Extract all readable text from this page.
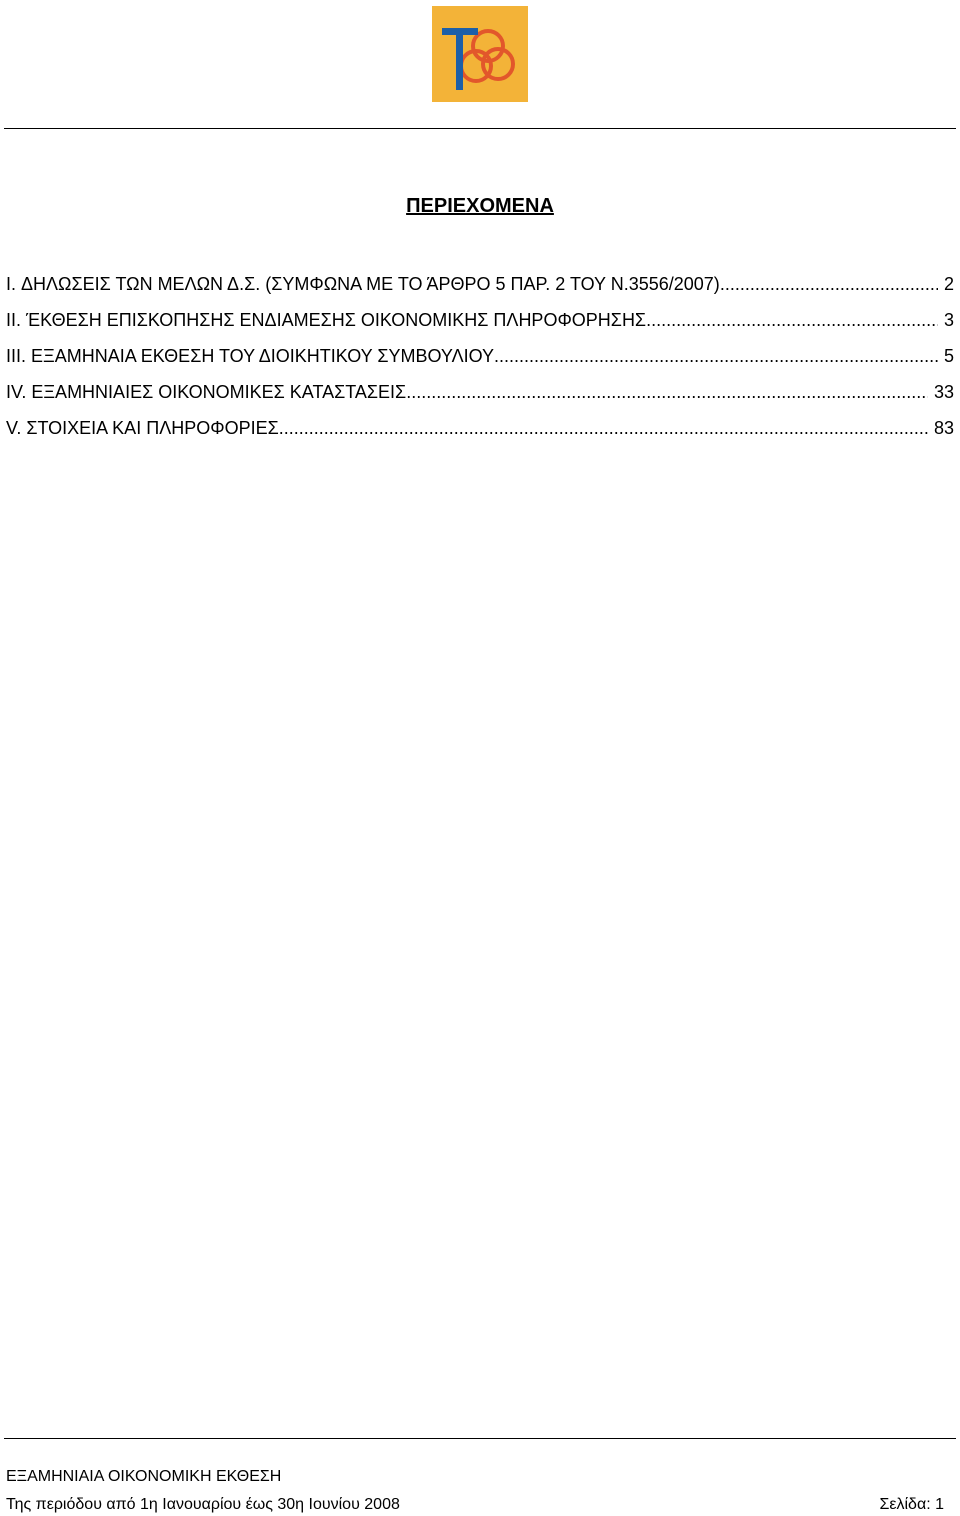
ΠΕΡΙΕΧΟΜΕΝΑ
I. ΔΗΛΩΣΕΙΣ ΤΩΝ ΜΕΛΩΝ Δ.Σ. (ΣΥΜΦΩΝΑ ΜΕ ΤΟ ΆΡΘΡΟ 5 ΠΑΡ. 2 ΤΟΥ Ν.3556/2007) .....	2
II. ΈΚΘΕΣΗ ΕΠΙΣΚΟΠΗΣΗΣ ΕΝΔΙΑΜΕΣΗΣ ΟΙΚΟΝΟΜΙΚΗΣ ΠΛΗΡΟΦΟΡΗΣΗΣ .....	3
III. ΕΞΑΜΗΝΑΙΑ ΕΚΘΕΣΗ ΤΟΥ ΔΙΟΙΚΗΤΙΚΟΥ ΣΥΜΒΟΥΛΙΟΥ .....	5
IV. ΕΞΑΜΗΝΙΑΙΕΣ ΟΙΚΟΝΟΜΙΚΕΣ ΚΑΤΑΣΤΑΣΕΙΣ .....	33
V. ΣΤΟΙΧΕΙΑ ΚΑΙ ΠΛΗΡΟΦΟΡΙΕΣ .....	83

ΕΞΑΜΗΝΙΑΙΑ ΟΙΚΟΝΟΜΙΚΗ ΕΚΘΕΣΗ

Της περιόδου από 1η Ιανουαρίου έως 30η Ιουνίου 2008	Σελίδα: 1
